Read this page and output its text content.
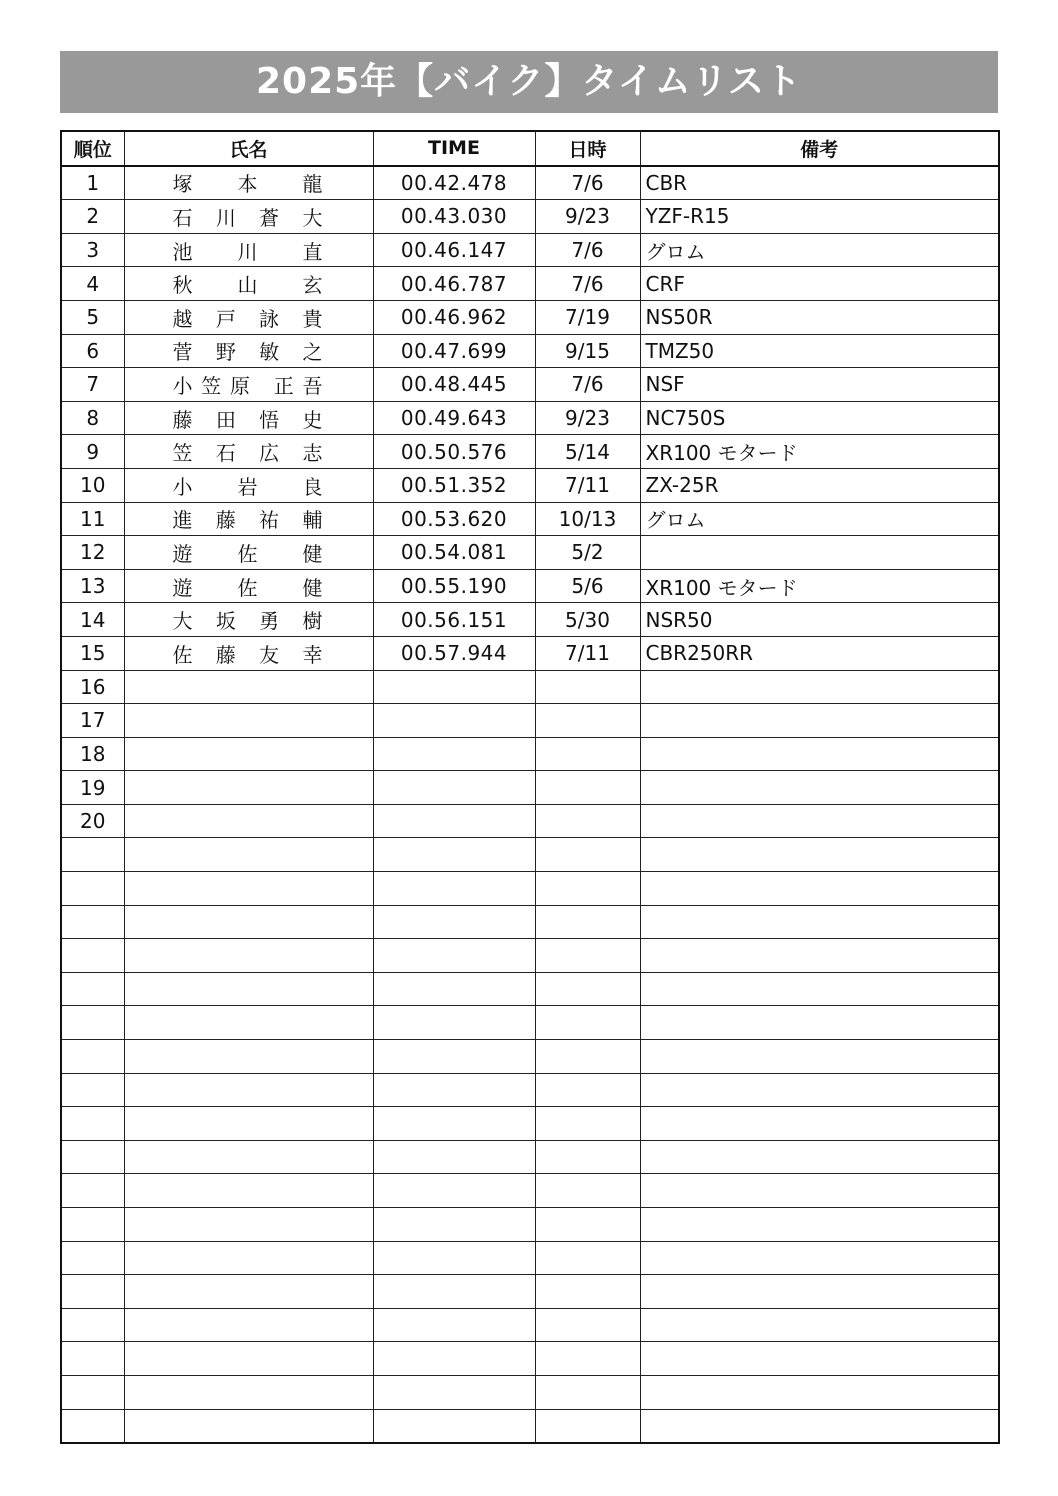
2025年【バイク】タイムリスト
順位	氏名	TIME	日時	備考
1	塚 本 龍	00.42.478	7/6	CBR
2	石 川 蒼 大	00.43.030	9/23	YZF-R15
3	池 川 直	00.46.147	7/6	グロム
4	秋 山 玄	00.46.787	7/6	CRF
5	越 戸 詠 貴	00.46.962	7/19	NS50R
6	菅 野 敏 之	00.47.699	9/15	TMZ50
7	小笠原 正吾	00.48.445	7/6	NSF
8	藤 田 悟 史	00.49.643	9/23	NC750S
9	笠 石 広 志	00.50.576	5/14	XR100 モタード
10	小 岩 良	00.51.352	7/11	ZX-25R
11	進 藤 祐 輔	00.53.620	10/13	グロム
12	遊 佐 健	00.54.081	5/2	
13	遊 佐 健	00.55.190	5/6	XR100 モタード
14	大 坂 勇 樹	00.56.151	5/30	NSR50
15	佐 藤 友 幸	00.57.944	7/11	CBR250RR
16	

17	

18	

19	

20	
